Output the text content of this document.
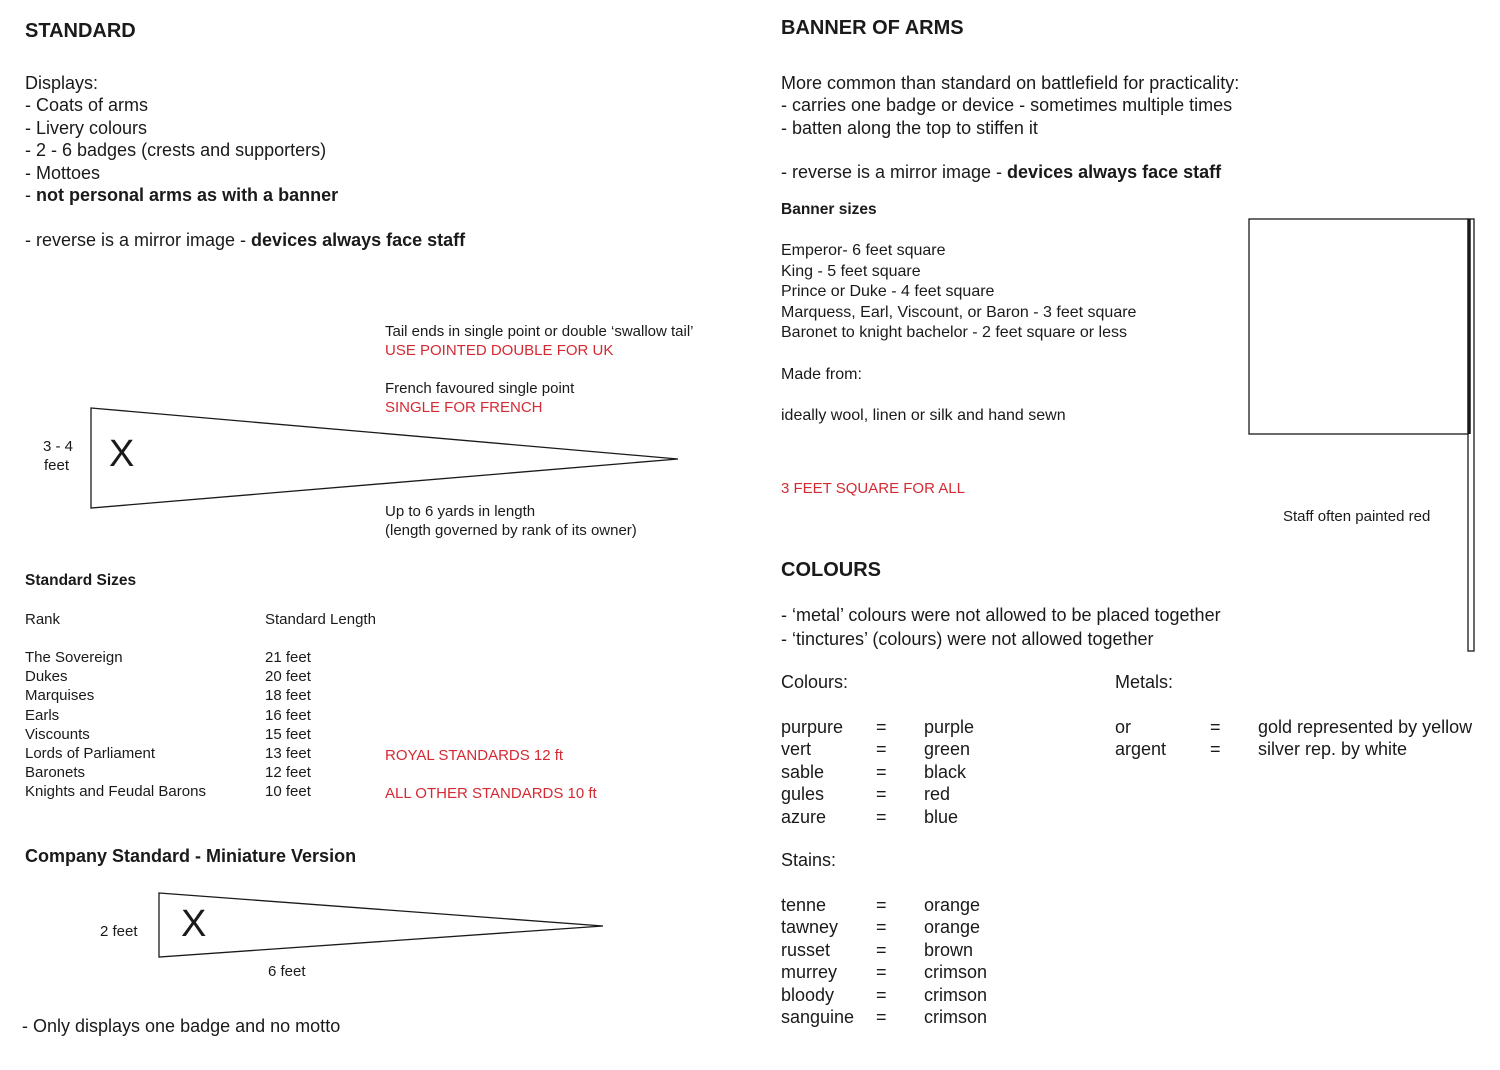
STANDARD
Displays:
- Coats of arms
- Livery colours
- 2 - 6 badges (crests and supporters)
- Mottoes
- not personal arms as with a banner
- reverse is a mirror image - devices always face staff
Tail ends in single point or double ‘swallow tail’
USE POINTED DOUBLE FOR UK
French favoured single point
SINGLE FOR FRENCH
3 - 4
feet X
Up to 6 yards in length
(length governed by rank of its owner)
Standard Sizes
Rank	Standard Length
The Sovereign
Dukes
Marquises
Earls
Viscounts
Lords of Parliament
Baronets
Knights and Feudal Barons
21 feet
20 feet
18 feet
16 feet
15 feet
13 feet
12 feet
10 feet
ROYAL STANDARDS 12 ft
ALL OTHER STANDARDS 10 ft
Company Standard - Miniature Version
2 feet X
6 feet
- Only displays one badge and no motto
BANNER OF ARMS
More common than standard on battlefield for practicality:
- carries one badge or device - sometimes multiple times
- batten along the top to stiffen it
- reverse is a mirror image - devices always face staff
Banner sizes
Emperor- 6 feet square
King - 5 feet square
Prince or Duke - 4 feet square
Marquess, Earl, Viscount, or Baron - 3 feet square
Baronet to knight bachelor - 2 feet square or less
Made from:
ideally wool, linen or silk and hand sewn
3 FEET SQUARE FOR ALL
Staff often painted red
COLOURS
- ‘metal’ colours were not allowed to be placed together
- ‘tinctures’ (colours) were not allowed together
Colours:
purpure
vert
sable
gules
azure
=
=
=
=
=
purple
green
black
red
blue
Stains:
tenne
tawney
russet
murrey
bloody
sanguine
=
=
=
=
=
=
orange
orange
brown
crimson
crimson
crimson
Metals:
or
argent
=
=
gold represented by yellow
silver rep. by white
